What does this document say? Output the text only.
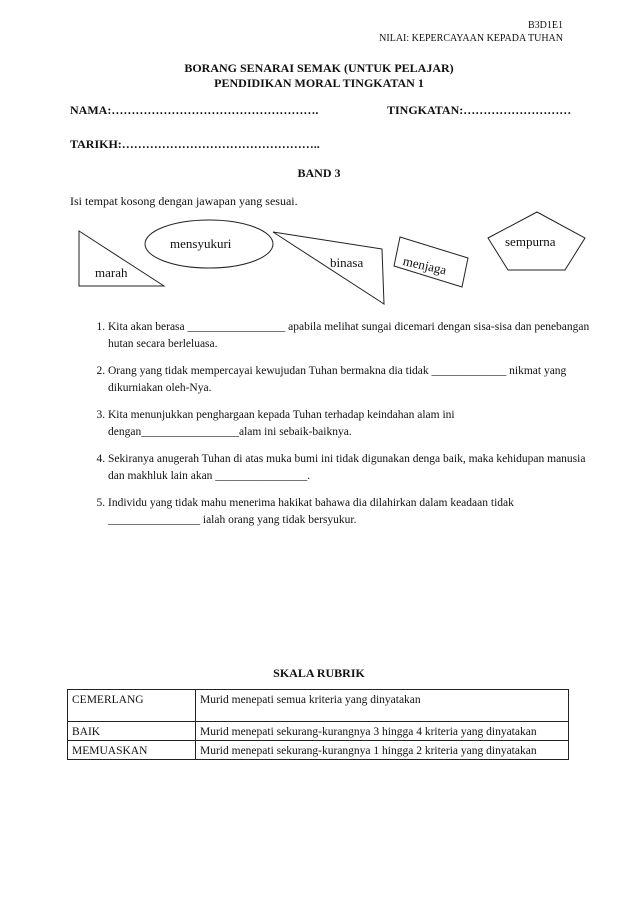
B3D1E1
NILAI: KEPERCAYAAN KEPADA TUHAN
BORANG SENARAI SEMAK (UNTUK PELAJAR)
PENDIDIKAN MORAL TINGKATAN 1
NAMA:…………………………………………….	TINGKATAN:………………………
TARIKH:…………………………………………..
BAND 3
Isi tempat kosong dengan jawapan yang sesuai.
marah
mensyukuri
binasa	menjaga
sempurna
1. Kita akan berasa _________________ apabila melihat sungai dicemari dengan sisa-sisa dan penebangan hutan secara berleluasa.
2. Orang yang tidak mempercayai kewujudan Tuhan bermakna dia tidak _____________ nikmat yang dikurniakan oleh-Nya.
3. Kita menunjukkan penghargaan kepada Tuhan terhadap keindahan alam ini dengan_________________alam ini sebaik-baiknya.
4. Sekiranya anugerah Tuhan di atas muka bumi ini tidak digunakan denga baik, maka kehidupan manusia dan makhluk lain akan ________________.
5. Individu yang tidak mahu menerima hakikat bahawa dia dilahirkan dalam keadaan tidak ________________ ialah orang yang tidak bersyukur.
SKALA RUBRIK
CEMERLANG	Murid menepati semua kriteria yang dinyatakan
BAIK	Murid menepati sekurang-kurangnya 3 hingga 4 kriteria yang dinyatakan
MEMUASKAN	Murid menepati sekurang-kurangnya 1 hingga 2 kriteria yang dinyatakan
